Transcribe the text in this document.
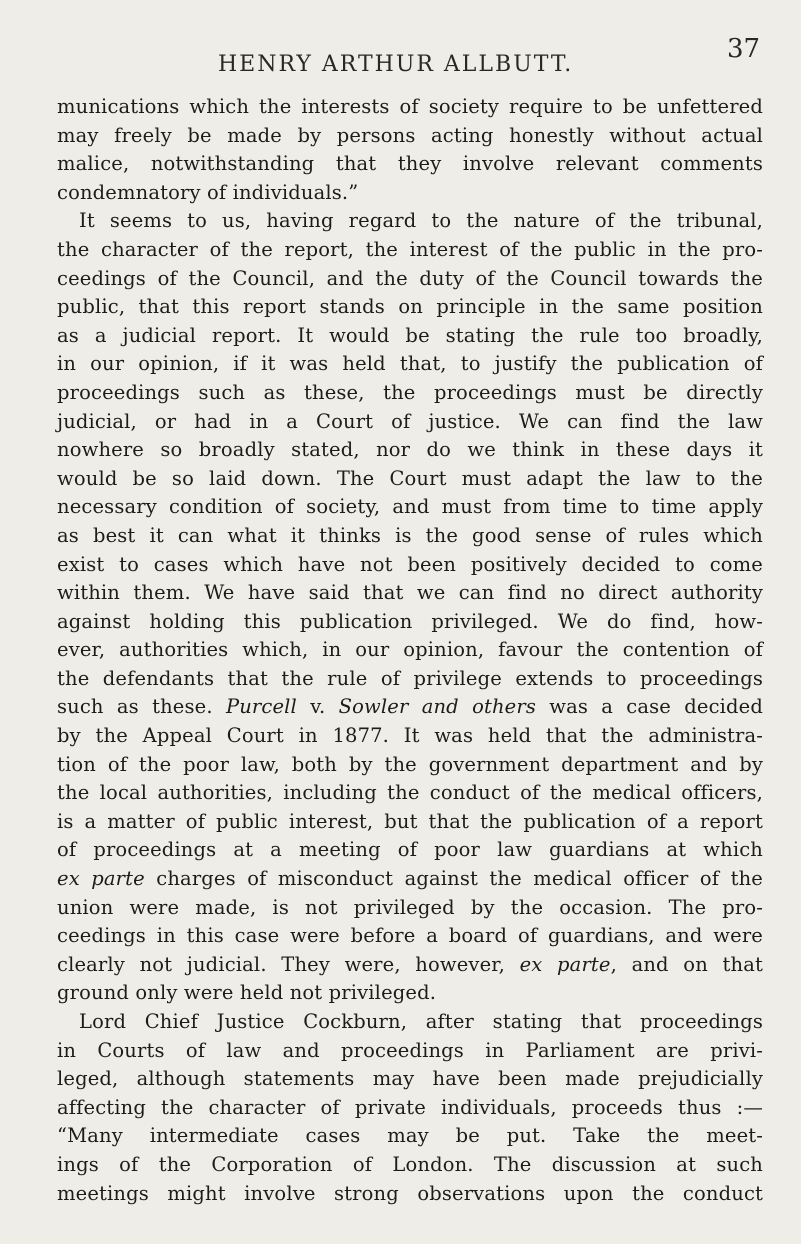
HENRY ARTHUR ALLBUTT.
37
munications which the interests of society require to be unfettered
may freely be made by persons acting honestly without actual
malice, notwithstanding that they involve relevant comments
condemnatory of individuals.”
It seems to us, having regard to the nature of the tribunal,
the character of the report, the interest of the public in the pro-
ceedings of the Council, and the duty of the Council towards the
public, that this report stands on principle in the same position
as a judicial report. It would be stating the rule too broadly,
in our opinion, if it was held that, to justify the publication of
proceedings such as these, the proceedings must be directly
judicial, or had in a Court of justice. We can find the law
nowhere so broadly stated, nor do we think in these days it
would be so laid down. The Court must adapt the law to the
necessary condition of society, and must from time to time apply
as best it can what it thinks is the good sense of rules which
exist to cases which have not been positively decided to come
within them. We have said that we can find no direct authority
against holding this publication privileged. We do find, how-
ever, authorities which, in our opinion, favour the contention of
the defendants that the rule of privilege extends to proceedings
such as these. Purcell v. Sowler and others was a case decided
by the Appeal Court in 1877. It was held that the administra-
tion of the poor law, both by the government department and by
the local authorities, including the conduct of the medical officers,
is a matter of public interest, but that the publication of a report
of proceedings at a meeting of poor law guardians at which
ex parte charges of misconduct against the medical officer of the
union were made, is not privileged by the occasion. The pro-
ceedings in this case were before a board of guardians, and were
clearly not judicial. They were, however, ex parte, and on that
ground only were held not privileged.
Lord Chief Justice Cockburn, after stating that proceedings
in Courts of law and proceedings in Parliament are privi-
leged, although statements may have been made prejudicially
affecting the character of private individuals, proceeds thus :—
“Many intermediate cases may be put. Take the meet-
ings of the Corporation of London. The discussion at such
meetings might involve strong observations upon the conduct
